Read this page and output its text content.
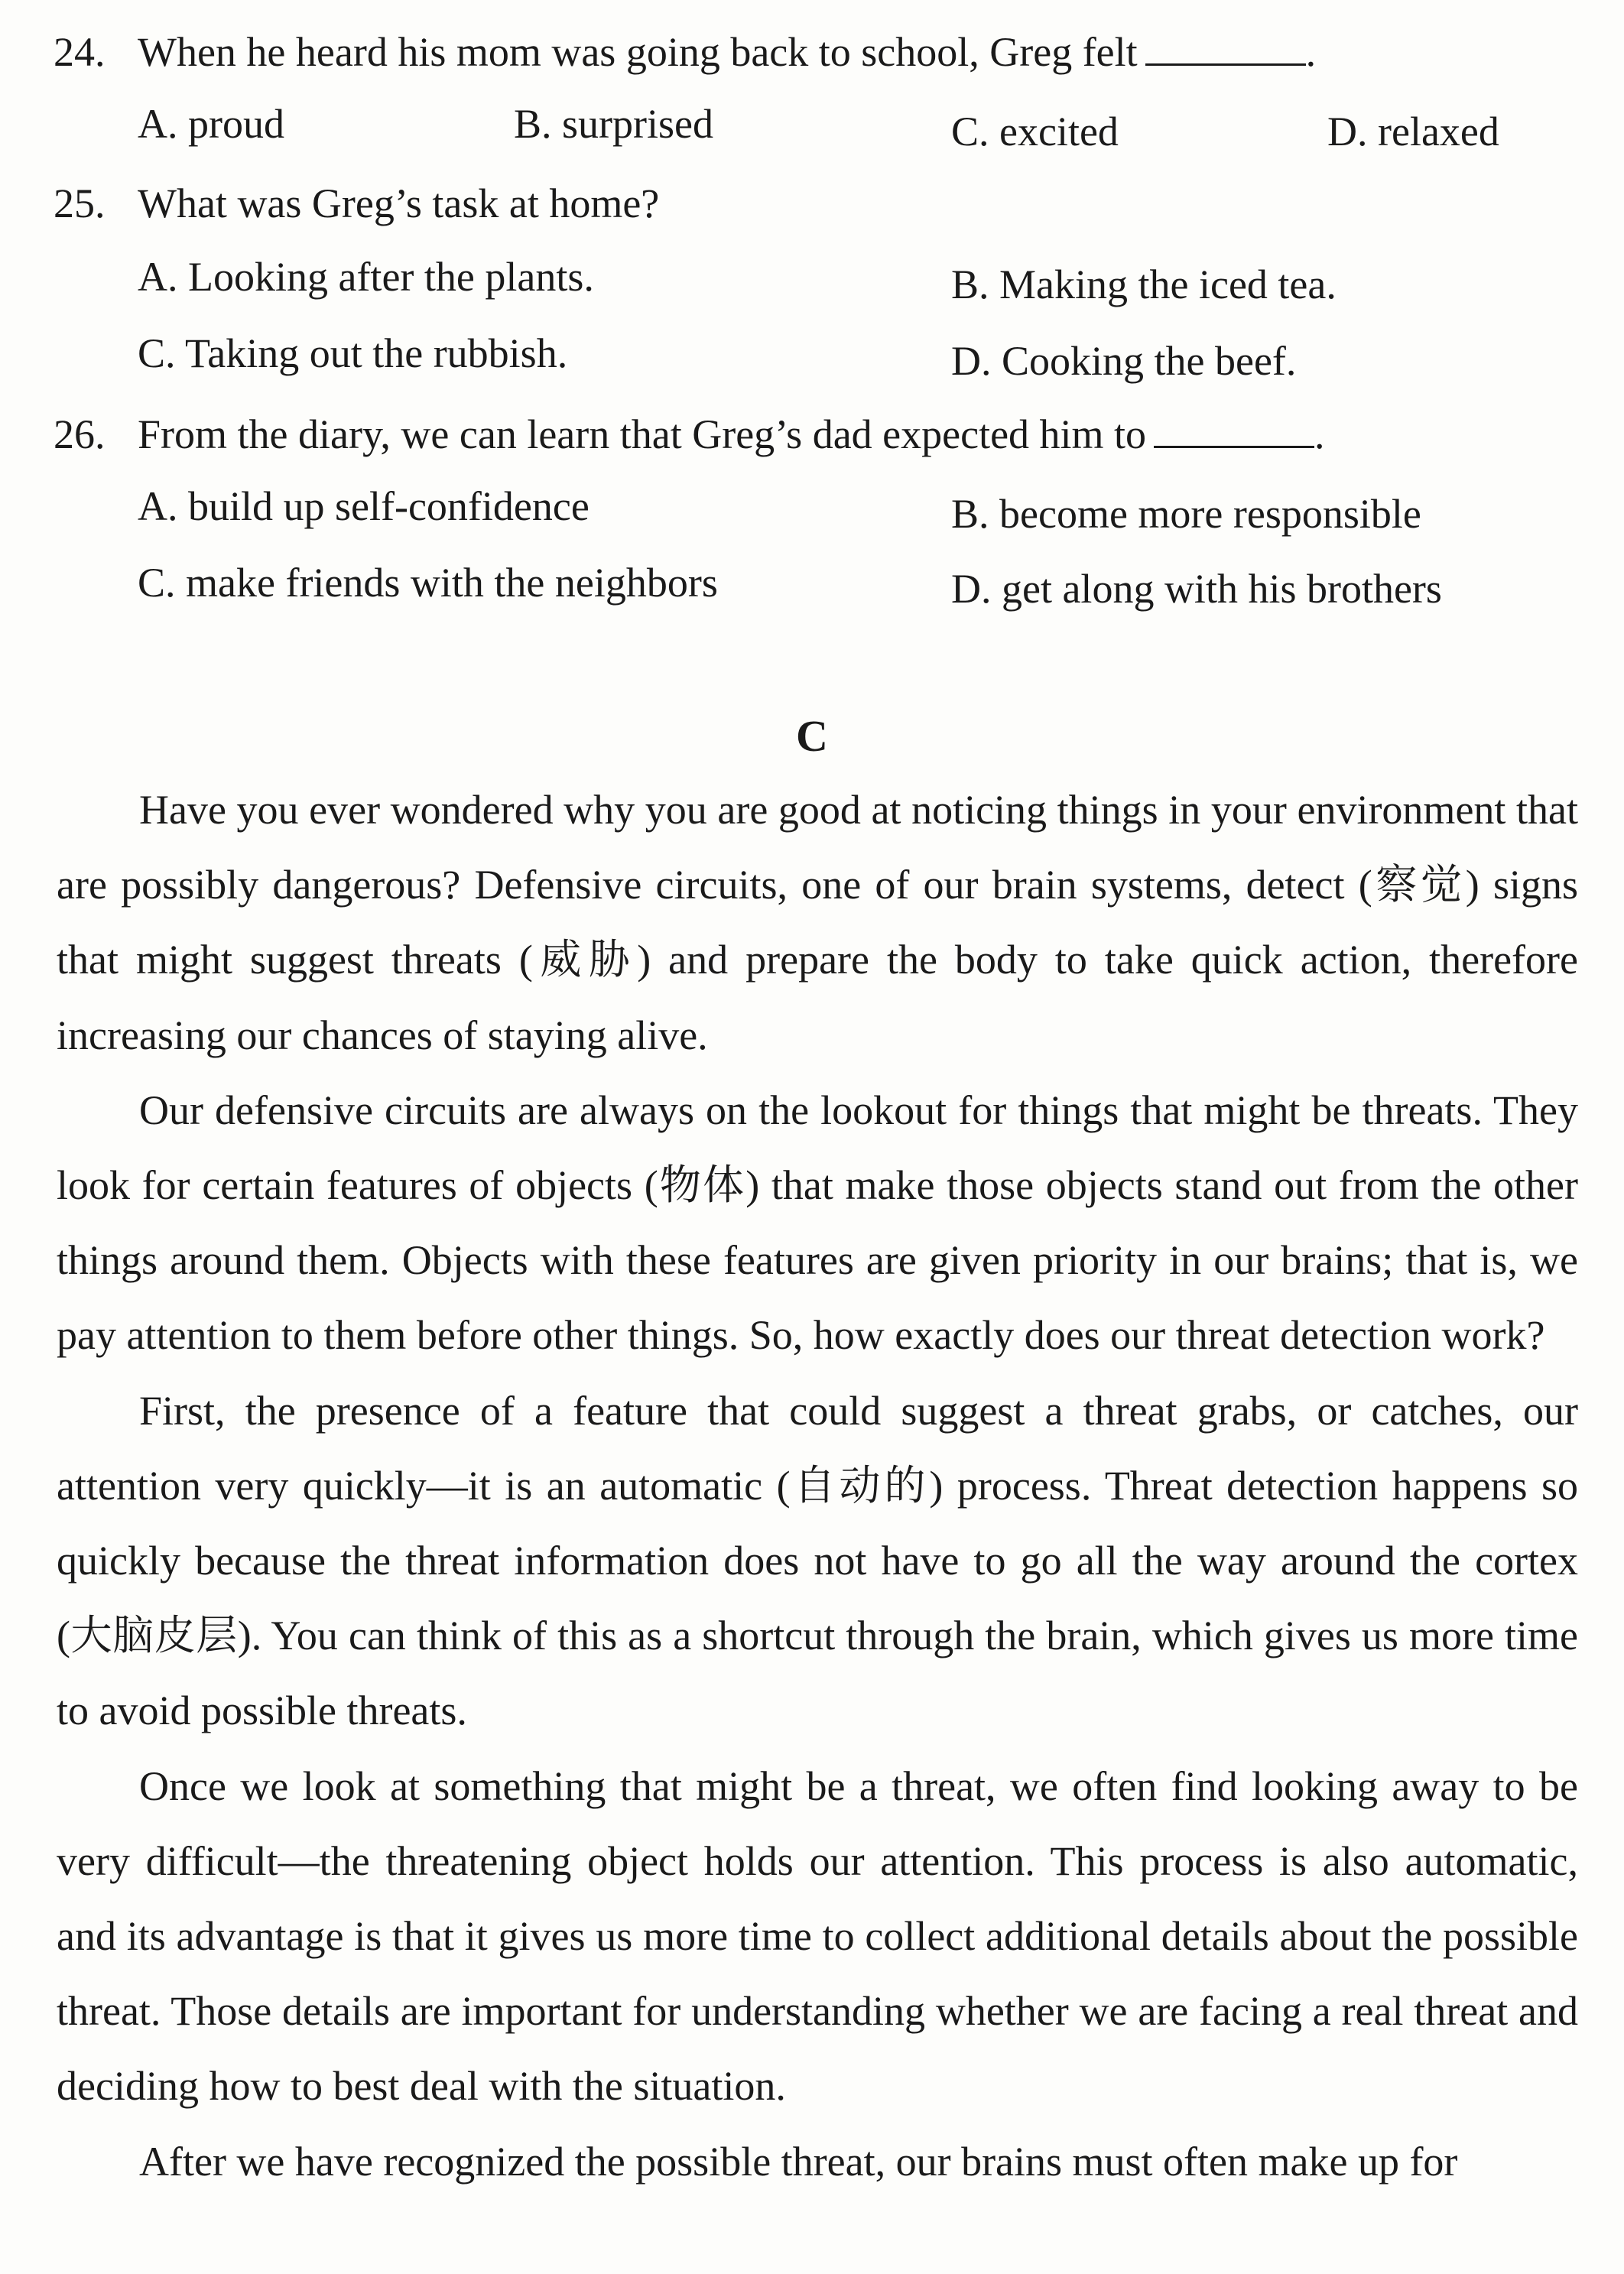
24. When he heard his mom was going back to school, Greg felt	.
A. proud	B. surprised	C. excited	D. relaxed
25. What was Greg’s task at home?
A. Looking after the plants.	B. Making the iced tea.
C. Taking out the rubbish.	D. Cooking the beef.
26. From the diary, we can learn that Greg’s dad expected him to	.
A. build up self-confidence	B. become more responsible
C. make friends with the neighbors	D. get along with his brothers
C

Have you ever wondered why you are good at noticing things in your environment that are possibly dangerous? Defensive circuits, one of our brain systems, detect (察觉) signs that might suggest threats (威胁) and prepare the body to take quick action, therefore increasing our chances of staying alive.

Our defensive circuits are always on the lookout for things that might be threats. They look for certain features of objects (物体) that make those objects stand out from the other things around them. Objects with these features are given priority in our brains; that is, we pay attention to them before other things. So, how exactly does our threat detection work?

First, the presence of a feature that could suggest a threat grabs, or catches, our attention very quickly—it is an automatic (自动的) process. Threat detection happens so quickly because the threat information does not have to go all the way around the cortex (大脑皮层). You can think of this as a shortcut through the brain, which gives us more time to avoid possible threats.

Once we look at something that might be a threat, we often find looking away to be very difficult—the threatening object holds our attention. This process is also automatic, and its advantage is that it gives us more time to collect additional details about the possible threat. Those details are important for understanding whether we are facing a real threat and deciding how to best deal with the situation.

After we have recognized the possible threat, our brains must often make up for
